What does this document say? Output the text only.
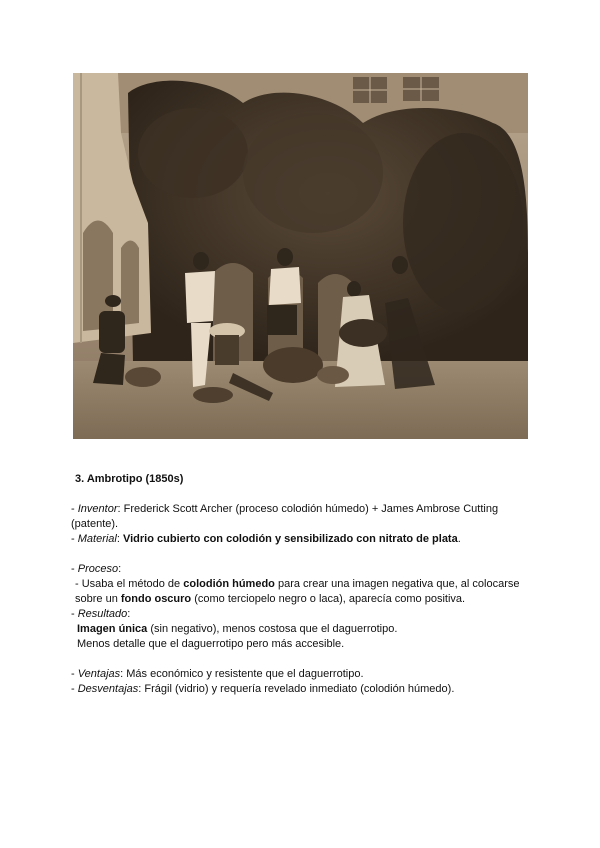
3. Ambrotipo (1850s)

- Inventor: Frederick Scott Archer (proceso colodión húmedo) + James Ambrose Cutting (patente).

- Material: Vidrio cubierto con colodión y sensibilizado con nitrato de plata.

- Proceso:

- Usaba el método de colodión húmedo para crear una imagen negativa que, al colocarse sobre un fondo oscuro (como terciopelo negro o laca), aparecía como positiva.

- Resultado:

Imagen única (sin negativo), menos costosa que el daguerrotipo.

Menos detalle que el daguerrotipo pero más accesible.

- Ventajas: Más económico y resistente que el daguerrotipo.

- Desventajas: Frágil (vidrio) y requería revelado inmediato (colodión húmedo).
